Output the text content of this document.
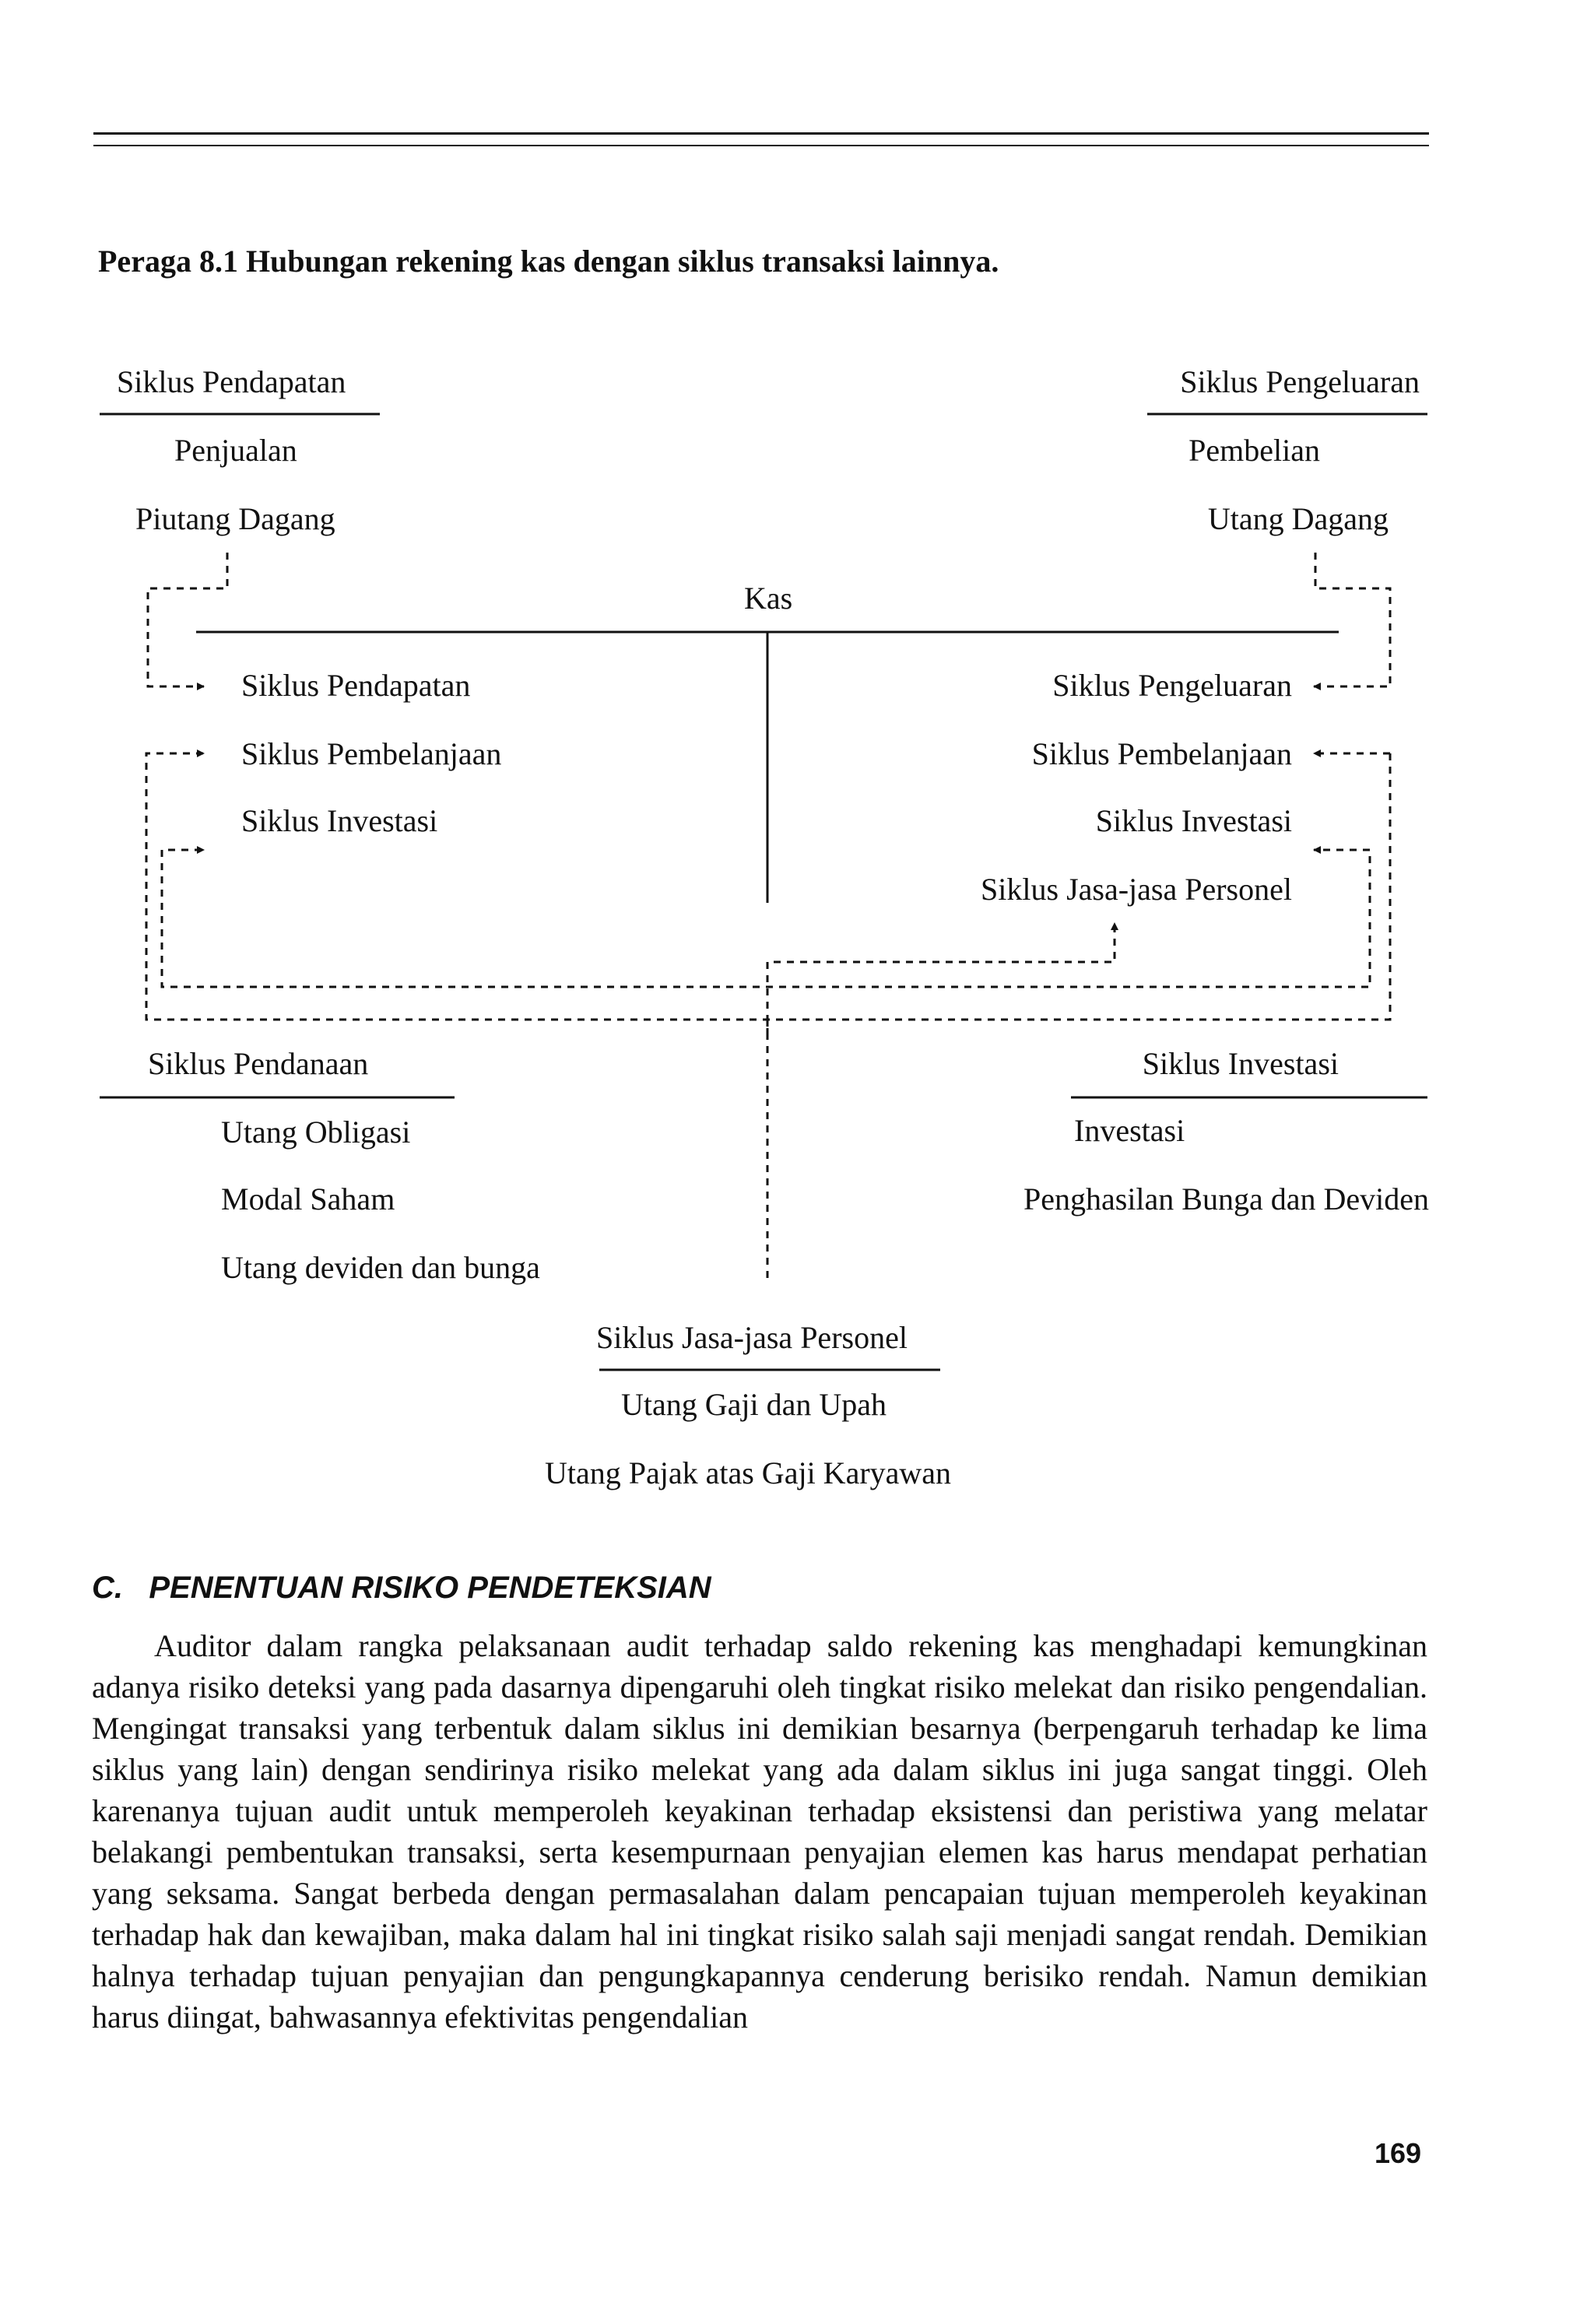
Peraga 8.1 Hubungan rekening kas dengan siklus transaksi lainnya.
Siklus Pendapatan
Penjualan
Piutang Dagang
Siklus Pengeluaran
Pembelian
Utang Dagang
Kas
Siklus Pendapatan
Siklus Pembelanjaan
Siklus Investasi
Siklus Pengeluaran
Siklus Pembelanjaan
Siklus Investasi
Siklus Jasa-jasa Personel
Siklus Pendanaan
Utang Obligasi
Modal Saham
Utang deviden dan bunga
Siklus Investasi
Investasi
Penghasilan Bunga dan Deviden
Siklus Jasa-jasa Personel
Utang Gaji dan Upah
Utang Pajak atas Gaji Karyawan
C.   PENENTUAN RISIKO PENDETEKSIAN

Auditor dalam rangka pelaksanaan audit terhadap saldo rekening kas menghadapi kemungkinan adanya risiko deteksi yang pada dasarnya dipengaruhi oleh tingkat risiko melekat dan risiko pengendalian. Mengingat transaksi yang terbentuk dalam siklus ini demikian besarnya (berpengaruh terhadap ke lima siklus yang lain) dengan sendirinya risiko melekat yang ada dalam siklus ini juga sangat tinggi. Oleh karenanya tujuan audit untuk memperoleh keyakinan terhadap eksistensi dan peristiwa yang melatar belakangi pembentukan transaksi, serta kesempurnaan penyajian elemen kas harus mendapat perhatian yang seksama. Sangat berbeda dengan permasalahan dalam pencapaian tujuan memperoleh keyakinan terhadap hak dan kewajiban, maka dalam hal ini tingkat risiko salah saji menjadi sangat rendah. Demikian halnya terhadap tujuan penyajian dan pengungkapannya cenderung berisiko rendah. Namun demikian harus diingat, bahwasannya efektivitas pengendalian

169
